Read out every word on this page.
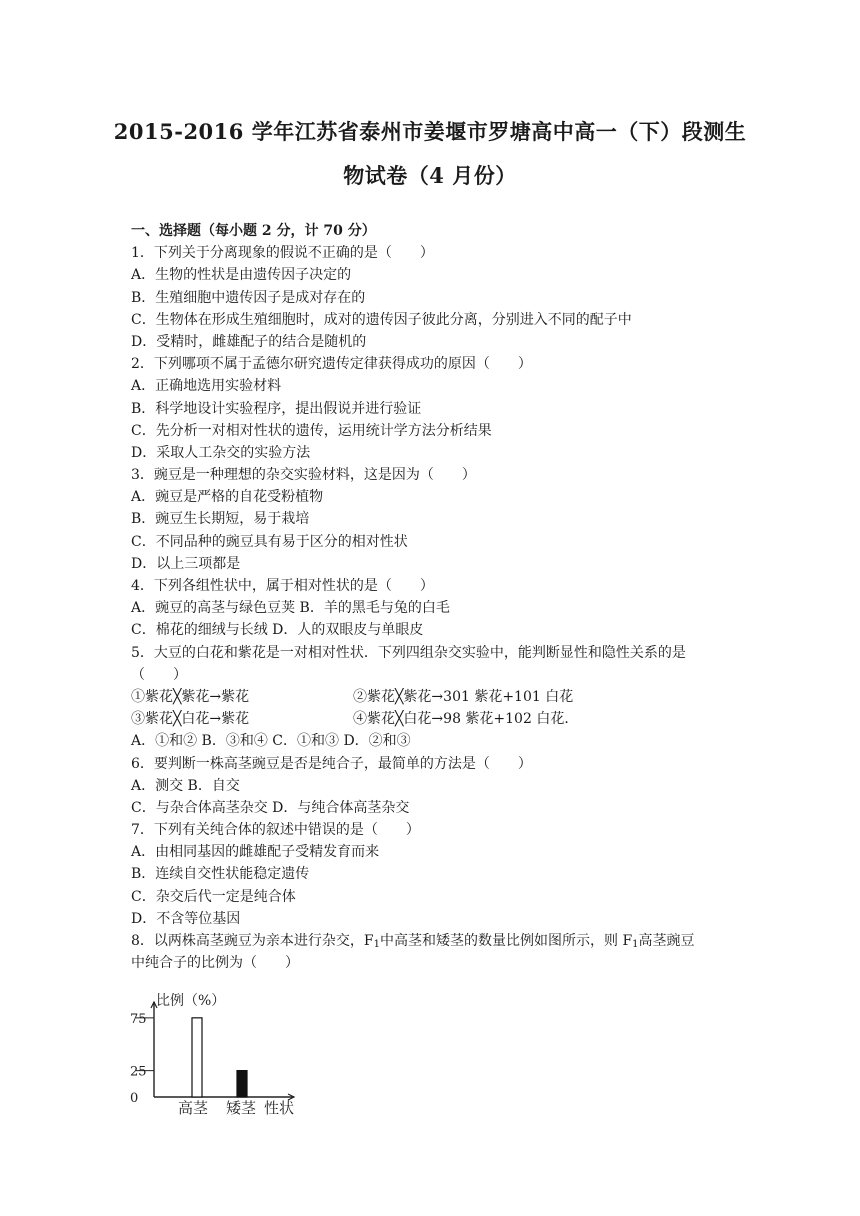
2015-2016 学年江苏省泰州市姜堰市罗塘高中高一（下）段测生
物试卷（4 月份）
一、选择题（每小题 2 分，计 70 分）
1．下列关于分离现象的假说不正确的是（　　）
A．生物的性状是由遗传因子决定的
B．生殖细胞中遗传因子是成对存在的
C．生物体在形成生殖细胞时，成对的遗传因子彼此分离，分别进入不同的配子中
D．受精时，雌雄配子的结合是随机的
2．下列哪项不属于孟德尔研究遗传定律获得成功的原因（　　）
A．正确地选用实验材料
B．科学地设计实验程序，提出假说并进行验证
C．先分析一对相对性状的遗传，运用统计学方法分析结果
D．采取人工杂交的实验方法
3．豌豆是一种理想的杂交实验材料，这是因为（　　）
A．豌豆是严格的自花受粉植物
B．豌豆生长期短，易于栽培
C．不同品种的豌豆具有易于区分的相对性状
D．以上三项都是
4．下列各组性状中，属于相对性状的是（　　）
A．豌豆的高茎与绿色豆荚 B．羊的黑毛与兔的白毛
C．棉花的细绒与长绒 D．人的双眼皮与单眼皮
5．大豆的白花和紫花是一对相对性状．下列四组杂交实验中，能判断显性和隐性关系的是
（　　）
①紫花╳紫花→紫花	②紫花╳紫花→301 紫花+101 白花
③紫花╳白花→紫花	④紫花╳白花→98 紫花+102 白花．
A．①和② B．③和④ C．①和③ D．②和③
6．要判断一株高茎豌豆是否是纯合子，最简单的方法是（　　）
A．测交 B．自交
C．与杂合体高茎杂交 D．与纯合体高茎杂交
7．下列有关纯合体的叙述中错误的是（　　）
A．由相同基因的雌雄配子受精发育而来
B．连续自交性状能稳定遗传
C．杂交后代一定是纯合体
D．不含等位基因
8．以两株高茎豌豆为亲本进行杂交，$F_1$中高茎和矮茎的数量比例如图所示，则 $F_1$高茎豌豆
中纯合子的比例为（　　）
比例（%）
75
25
0
高茎 矮茎 性状
